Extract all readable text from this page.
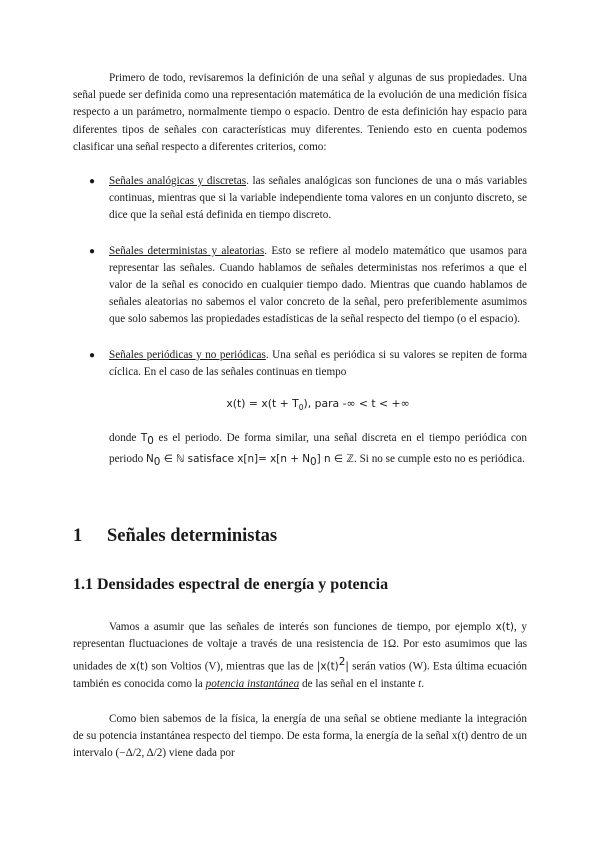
Primero de todo, revisaremos la definición de una señal y algunas de sus propiedades. Una señal puede ser definida como una representación matemática de la evolución de una medición física respecto a un parámetro, normalmente tiempo o espacio. Dentro de esta definición hay espacio para diferentes tipos de señales con características muy diferentes. Teniendo esto en cuenta podemos clasificar una señal respecto a diferentes criterios, como:

● Señales analógicas y discretas. las señales analógicas son funciones de una o más variables continuas, mientras que si la variable independiente toma valores en un conjunto discreto, se dice que la señal está definida en tiempo discreto.
● Señales deterministas y aleatorias. Esto se refiere al modelo matemático que usamos para representar las señales. Cuando hablamos de señales deterministas nos referimos a que el valor de la señal es conocido en cualquier tiempo dado. Mientras que cuando hablamos de señales aleatorias no sabemos el valor concreto de la señal, pero preferiblemente asumimos que solo sabemos las propiedades estadísticas de la señal respecto del tiempo (o el espacio).
● Señales periódicas y no periódicas. Una señal es periódica si su valores se repiten de forma cíclica. En el caso de las señales continuas en tiempo
$x(t) = x(t + T_0)$, para -∞ < t < +∞
donde $T_0$ es el periodo. De forma similar, una señal discreta en el tiempo periódica con periodo $N_0$ ∈ ℕ satisface $x[n]= x[n + N_0]$ n ∈ ℤ. Si no se cumple esto no es periódica.
1 Señales deterministas
1.1 Densidades espectral de energía y potencia

Vamos a asumir que las señales de interés son funciones de tiempo, por ejemplo x(t), y representan fluctuaciones de voltaje a través de una resistencia de 1Ω. Por esto asumimos que las unidades de x(t) son Voltios (V), mientras que las de $|x(t)^2|$ serán vatios (W). Esta última ecuación también es conocida como la potencia instantánea de las señal en el instante t.

Como bien sabemos de la física, la energía de una señal se obtiene mediante la integración de su potencia instantánea respecto del tiempo. De esta forma, la energía de la señal x(t) dentro de un intervalo (−Δ/2, Δ/2) viene dada por
